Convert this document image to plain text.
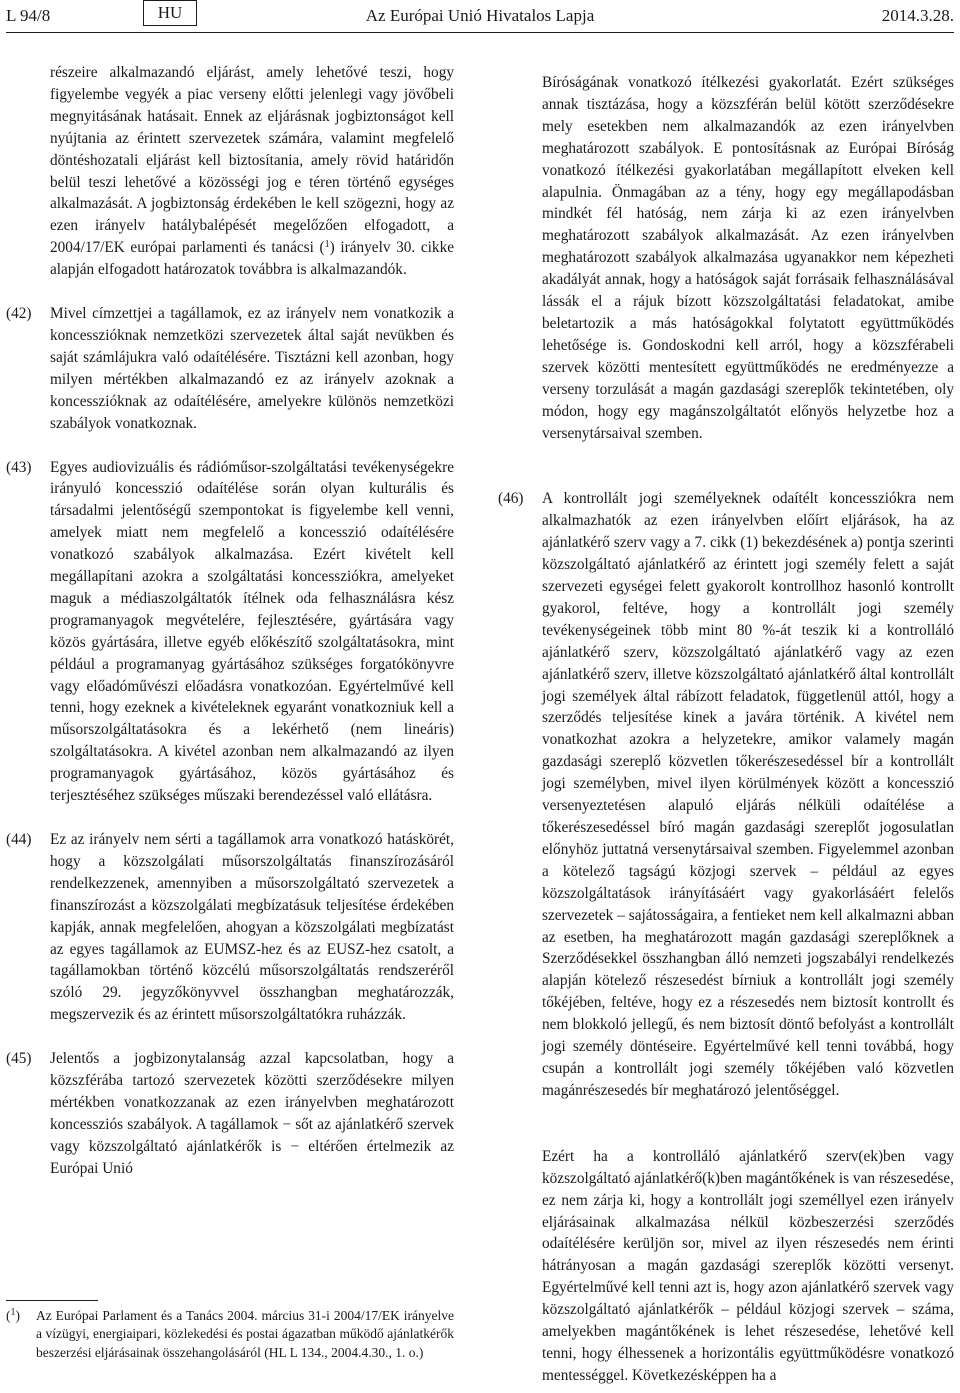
L 94/8	HU	Az Európai Unió Hivatalos Lapja	2014.3.28.

részeire alkalmazandó eljárást, amely lehetővé teszi, hogy figyelembe vegyék a piac verseny előtti jelenlegi vagy jövőbeli megnyitásának hatásait. Ennek az eljárásnak jogbiztonságot kell nyújtania az érintett szervezetek számára, valamint megfelelő döntéshozatali eljárást kell biztosítania, amely rövid határidőn belül teszi lehetővé a közösségi jog e téren történő egységes alkalmazását. A jogbiztonság érdekében le kell szögezni, hogy az ezen irányelv hatálybalépését megelőzően elfogadott, a 2004/17/EK európai parlamenti és tanácsi ($^1$) irányelv 30. cikke alapján elfogadott határozatok továbbra is alkalmazandók.

(42) Mivel címzettjei a tagállamok, ez az irányelv nem vonatkozik a koncesszióknak nemzetközi szervezetek által saját nevükben és saját számlájukra való odaítélésére. Tisztázni kell azonban, hogy milyen mértékben alkalmazandó ez az irányelv azoknak a koncesszióknak az odaítélésére, amelyekre különös nemzetközi szabályok vonatkoznak.

(43) Egyes audiovizuális és rádióműsor-szolgáltatási tevékenységekre irányuló koncesszió odaítélése során olyan kulturális és társadalmi jelentőségű szempontokat is figyelembe kell venni, amelyek miatt nem megfelelő a koncesszió odaítélésére vonatkozó szabályok alkalmazása. Ezért kivételt kell megállapítani azokra a szolgáltatási koncessziókra, amelyeket maguk a médiaszolgáltatók ítélnek oda felhasználásra kész programanyagok megvételére, fejlesztésére, gyártására vagy közös gyártására, illetve egyéb előkészítő szolgáltatásokra, mint például a programanyag gyártásához szükséges forgatókönyvre vagy előadóművészi előadásra vonatkozóan. Egyértelművé kell tenni, hogy ezeknek a kivételeknek egyaránt vonatkozniuk kell a műsorszolgáltatásokra és a lekérhető (nem lineáris) szolgáltatásokra. A kivétel azonban nem alkalmazandó az ilyen programanyagok gyártásához, közös gyártásához és terjesztéséhez szükséges műszaki berendezéssel való ellátásra.

(44) Ez az irányelv nem sérti a tagállamok arra vonatkozó hatáskörét, hogy a közszolgálati műsorszolgáltatás finanszírozásáról rendelkezzenek, amennyiben a műsorszolgáltató szervezetek a finanszírozást a közszolgálati megbízatásuk teljesítése érdekében kapják, annak megfelelően, ahogyan a közszolgálati megbízatást az egyes tagállamok az EUMSZ-hez és az EUSZ-hez csatolt, a tagállamokban történő közcélú műsorszolgáltatás rendszeréről szóló 29. jegyzőkönyvvel összhangban meghatározzák, megszervezik és az érintett műsorszolgáltatókra ruházzák.

(45) Jelentős a jogbizonytalanság azzal kapcsolatban, hogy a közszférába tartozó szervezetek közötti szerződésekre milyen mértékben vonatkozzanak az ezen irányelvben meghatározott koncessziós szabályok. A tagállamok − sőt az ajánlatkérő szervek vagy közszolgáltató ajánlatkérők is − eltérően értelmezik az Európai Unió

($^1$) Az Európai Parlament és a Tanács 2004. március 31-i 2004/17/EK irányelve a vízügyi, energiaipari, közlekedési és postai ágazatban működő ajánlatkérők beszerzési eljárásainak összehangolásáról (HL L 134., 2004.4.30., 1. o.)

Bíróságának vonatkozó ítélkezési gyakorlatát. Ezért szükséges annak tisztázása, hogy a közszférán belül kötött szerződésekre mely esetekben nem alkalmazandók az ezen irányelvben meghatározott szabályok. E pontosításnak az Európai Bíróság vonatkozó ítélkezési gyakorlatában megállapított elveken kell alapulnia. Önmagában az a tény, hogy egy megállapodásban mindkét fél hatóság, nem zárja ki az ezen irányelvben meghatározott szabályok alkalmazását. Az ezen irányelvben meghatározott szabályok alkalmazása ugyanakkor nem képezheti akadályát annak, hogy a hatóságok saját forrásaik felhasználásával lássák el a rájuk bízott közszolgáltatási feladatokat, amibe beletartozik a más hatóságokkal folytatott együttműködés lehetősége is. Gondoskodni kell arról, hogy a közszférabeli szervek közötti mentesített együttműködés ne eredményezze a verseny torzulását a magán gazdasági szereplők tekintetében, oly módon, hogy egy magánszolgáltatót előnyös helyzetbe hoz a versenytársaival szemben.

(46) A kontrollált jogi személyeknek odaítélt koncessziókra nem alkalmazhatók az ezen irányelvben előírt eljárások, ha az ajánlatkérő szerv vagy a 7. cikk (1) bekezdésének a) pontja szerinti közszolgáltató ajánlatkérő az érintett jogi személy felett a saját szervezeti egységei felett gyakorolt kontrollhoz hasonló kontrollt gyakorol, feltéve, hogy a kontrollált jogi személy tevékenységeinek több mint 80 %-át teszik ki a kontrolláló ajánlatkérő szerv, közszolgáltató ajánlatkérő vagy az ezen ajánlatkérő szerv, illetve közszolgáltató ajánlatkérő által kontrollált jogi személyek által rábízott feladatok, függetlenül attól, hogy a szerződés teljesítése kinek a javára történik. A kivétel nem vonatkozhat azokra a helyzetekre, amikor valamely magán gazdasági szereplő közvetlen tőkerészesedéssel bír a kontrollált jogi személyben, mivel ilyen körülmények között a koncesszió versenyeztetésen alapuló eljárás nélküli odaítélése a tőkerészesedéssel bíró magán gazdasági szereplőt jogosulatlan előnyhöz juttatná versenytársaival szemben. Figyelemmel azonban a kötelező tagságú közjogi szervek – például az egyes közszolgáltatások irányításáért vagy gyakorlásáért felelős szervezetek – sajátosságaira, a fentieket nem kell alkalmazni abban az esetben, ha meghatározott magán gazdasági szereplőknek a Szerződésekkel összhangban álló nemzeti jogszabályi rendelkezés alapján kötelező részesedést bírniuk a kontrollált jogi személy tőkéjében, feltéve, hogy ez a részesedés nem biztosít kontrollt és nem blokkoló jellegű, és nem biztosít döntő befolyást a kontrollált jogi személy döntéseire. Egyértelművé kell tenni továbbá, hogy csupán a kontrollált jogi személy tőkéjében való közvetlen magánrészesedés bír meghatározó jelentőséggel.

Ezért ha a kontrolláló ajánlatkérő szerv(ek)ben vagy közszolgáltató ajánlatkérő(k)ben magántőkének is van részesedése, ez nem zárja ki, hogy a kontrollált jogi személlyel ezen irányelv eljárásainak alkalmazása nélkül közbeszerzési szerződés odaítélésére kerüljön sor, mivel az ilyen részesedés nem érinti hátrányosan a magán gazdasági szereplők közötti versenyt. Egyértelművé kell tenni azt is, hogy azon ajánlatkérő szervek vagy közszolgáltató ajánlatkérők – például közjogi szervek – száma, amelyekben magántőkének is lehet részesedése, lehetővé kell tenni, hogy élhessenek a horizontális együttműködésre vonatkozó mentességgel. Következésképpen ha a
